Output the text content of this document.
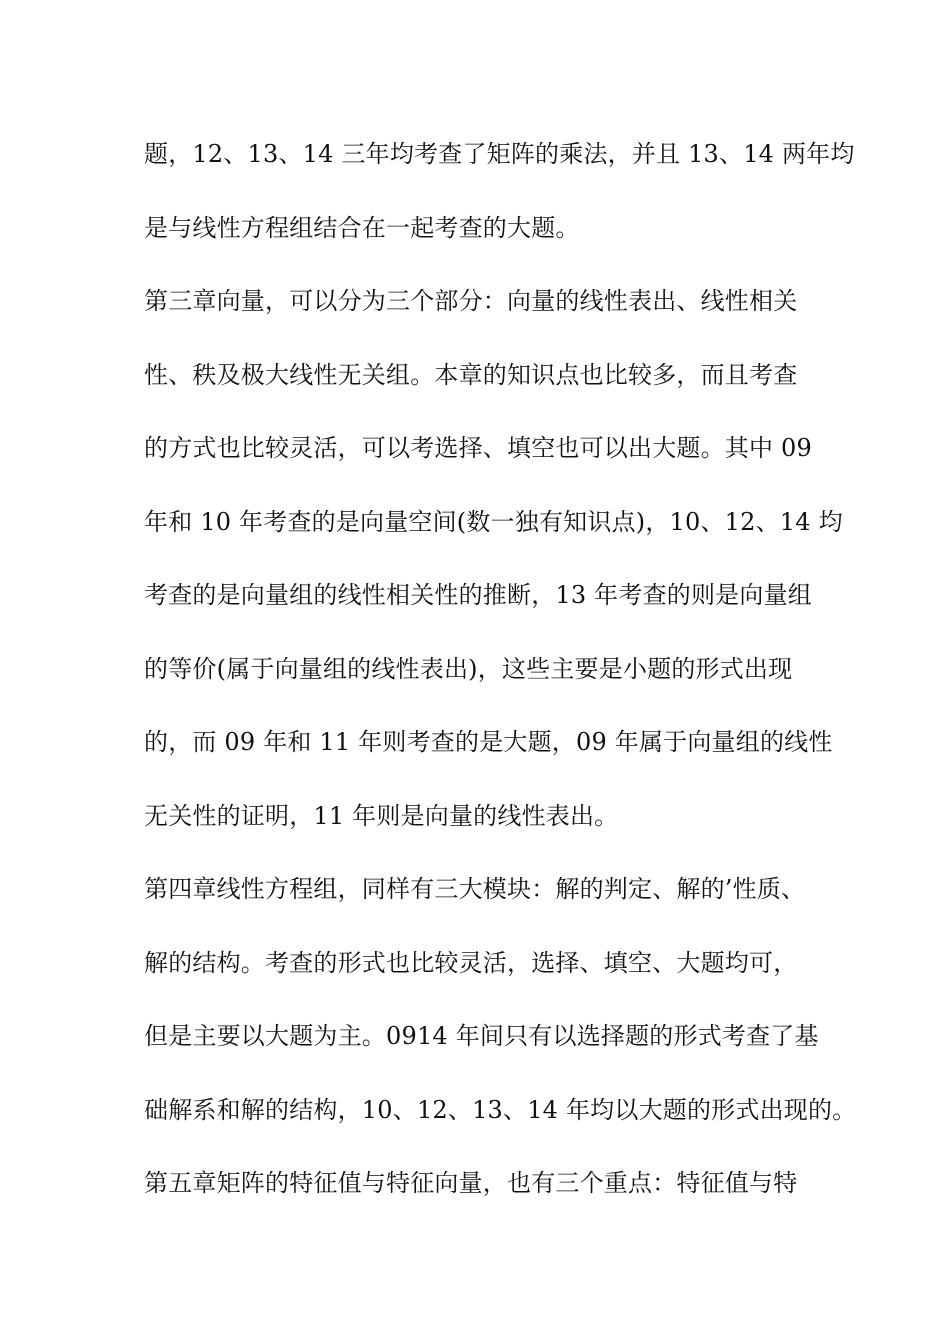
题，12、13、14 三年均考查了矩阵的乘法，并且 13、14 两年均
是与线性方程组结合在一起考查的大题。
第三章向量，可以分为三个部分：向量的线性表出、线性相关
性、秩及极大线性无关组。本章的知识点也比较多，而且考查
的方式也比较灵活，可以考选择、填空也可以出大题。其中 09
年和 10 年考查的是向量空间(数一独有知识点)，10、12、14 均
考查的是向量组的线性相关性的推断，13 年考查的则是向量组
的等价(属于向量组的线性表出)，这些主要是小题的形式出现
的，而 09 年和 11 年则考查的是大题，09 年属于向量组的线性
无关性的证明，11 年则是向量的线性表出。
第四章线性方程组，同样有三大模块：解的判定、解的’性质、
解的结构。考查的形式也比较灵活，选择、填空、大题均可，
但是主要以大题为主。0914 年间只有以选择题的形式考查了基
础解系和解的结构，10、12、13、14 年均以大题的形式出现的。
第五章矩阵的特征值与特征向量，也有三个重点：特征值与特
